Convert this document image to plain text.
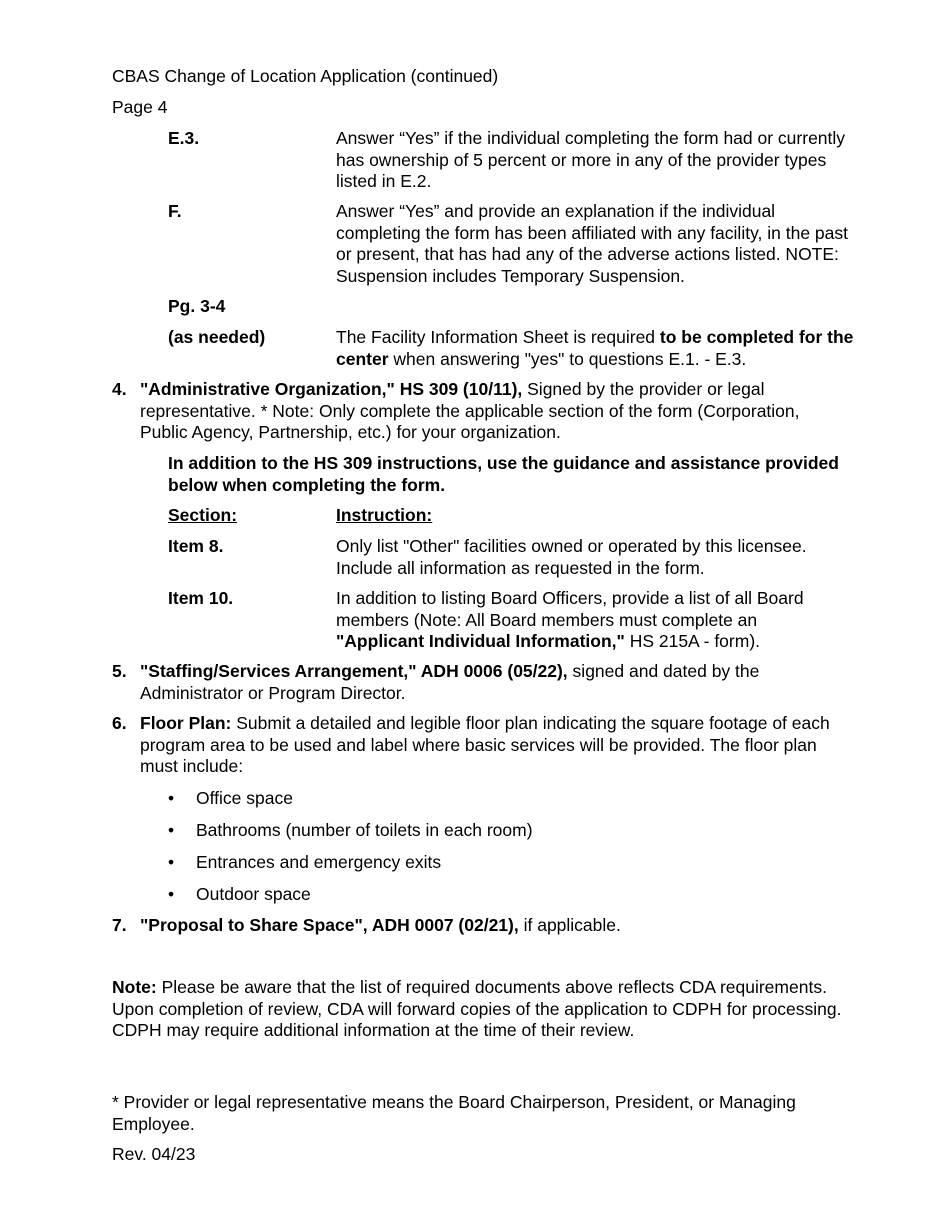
CBAS Change of Location Application (continued)
Page 4
E.3.	Answer “Yes” if the individual completing the form had or currently has ownership of 5 percent or more in any of the provider types listed in E.2.
F.	Answer “Yes” and provide an explanation if the individual completing the form has been affiliated with any facility, in the past or present, that has had any of the adverse actions listed. NOTE: Suspension includes Temporary Suspension.
Pg. 3-4
(as needed)	The Facility Information Sheet is required to be completed for the center when answering "yes" to questions E.1. - E.3.
4. "Administrative Organization," HS 309 (10/11), Signed by the provider or legal representative. * Note: Only complete the applicable section of the form (Corporation, Public Agency, Partnership, etc.) for your organization.
In addition to the HS 309 instructions, use the guidance and assistance provided below when completing the form.
Section:	Instruction:
Item 8.	Only list "Other" facilities owned or operated by this licensee. Include all information as requested in the form.
Item 10.	In addition to listing Board Officers, provide a list of all Board members (Note: All Board members must complete an "Applicant Individual Information," HS 215A - form).
5. "Staffing/Services Arrangement," ADH 0006 (05/22), signed and dated by the Administrator or Program Director.
6. Floor Plan: Submit a detailed and legible floor plan indicating the square footage of each program area to be used and label where basic services will be provided. The floor plan must include:
• Office space
• Bathrooms (number of toilets in each room)
• Entrances and emergency exits
• Outdoor space
7. "Proposal to Share Space", ADH 0007 (02/21), if applicable.
Note: Please be aware that the list of required documents above reflects CDA requirements. Upon completion of review, CDA will forward copies of the application to CDPH for processing. CDPH may require additional information at the time of their review.
* Provider or legal representative means the Board Chairperson, President, or Managing Employee.
Rev. 04/23
